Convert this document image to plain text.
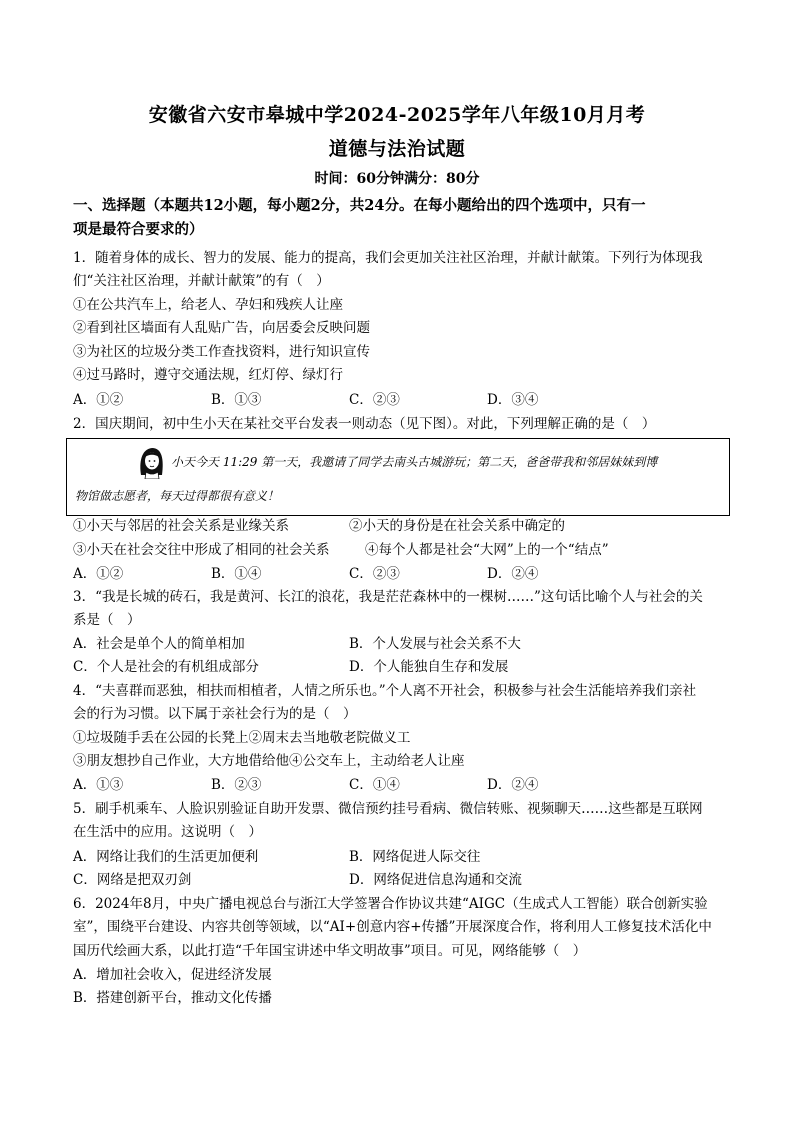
安徽省六安市皋城中学2024-2025学年八年级10月月考
道德与法治试题
时间：60分钟满分：80分
一、选择题（本题共12小题，每小题2分，共24分。在每小题给出的四个选项中，只有一
项是最符合要求的）
1．随着身体的成长、智力的发展、能力的提高，我们会更加关注社区治理，并献计献策。下列行为体现我
们“关注社区治理，并献计献策”的有（　）
①在公共汽车上，给老人、孕妇和残疾人让座
②看到社区墙面有人乱贴广告，向居委会反映问题
③为社区的垃圾分类工作查找资料，进行知识宣传
④过马路时，遵守交通法规，红灯停、绿灯行
A．①②	B．①③	C．②③	D．③④
2．国庆期间，初中生小天在某社交平台发表一则动态（见下图）。对此，下列理解正确的是（　）
小天今天 11:29 第一天，我邀请了同学去南头古城游玩；第二天，爸爸带我和邻居妹妹到博
物馆做志愿者，每天过得都很有意义！
①小天与邻居的社会关系是业缘关系	②小天的身份是在社会关系中确定的
③小天在社会交往中形成了相同的社会关系	④每个人都是社会“大网”上的一个“结点”
A．①②	B．①④	C．②③	D．②④
3．“我是长城的砖石，我是黄河、长江的浪花，我是茫茫森林中的一棵树……”这句话比喻个人与社会的关
系是（　）
A．社会是单个人的简单相加	B．个人发展与社会关系不大
C．个人是社会的有机组成部分	D．个人能独自生存和发展
4．“夫喜群而恶独，相扶而相植者，人情之所乐也。”个人离不开社会，积极参与社会生活能培养我们亲社
会的行为习惯。以下属于亲社会行为的是（　）
①垃圾随手丢在公园的长凳上②周末去当地敬老院做义工
③朋友想抄自己作业，大方地借给他④公交车上，主动给老人让座
A．①③	B．②③	C．①④	D．②④
5．刷手机乘车、人脸识别验证自助开发票、微信预约挂号看病、微信转账、视频聊天……这些都是互联网
在生活中的应用。这说明（　）
A．网络让我们的生活更加便利	B．网络促进人际交往
C．网络是把双刃剑	D．网络促进信息沟通和交流
6．2024年8月，中央广播电视总台与浙江大学签署合作协议共建“AIGC（生成式人工智能）联合创新实验
室”，围绕平台建设、内容共创等领域，以“AI+创意内容+传播”开展深度合作，将利用人工修复技术活化中
国历代绘画大系，以此打造“千年国宝讲述中华文明故事”项目。可见，网络能够（　）
A．增加社会收入，促进经济发展
B．搭建创新平台，推动文化传播
